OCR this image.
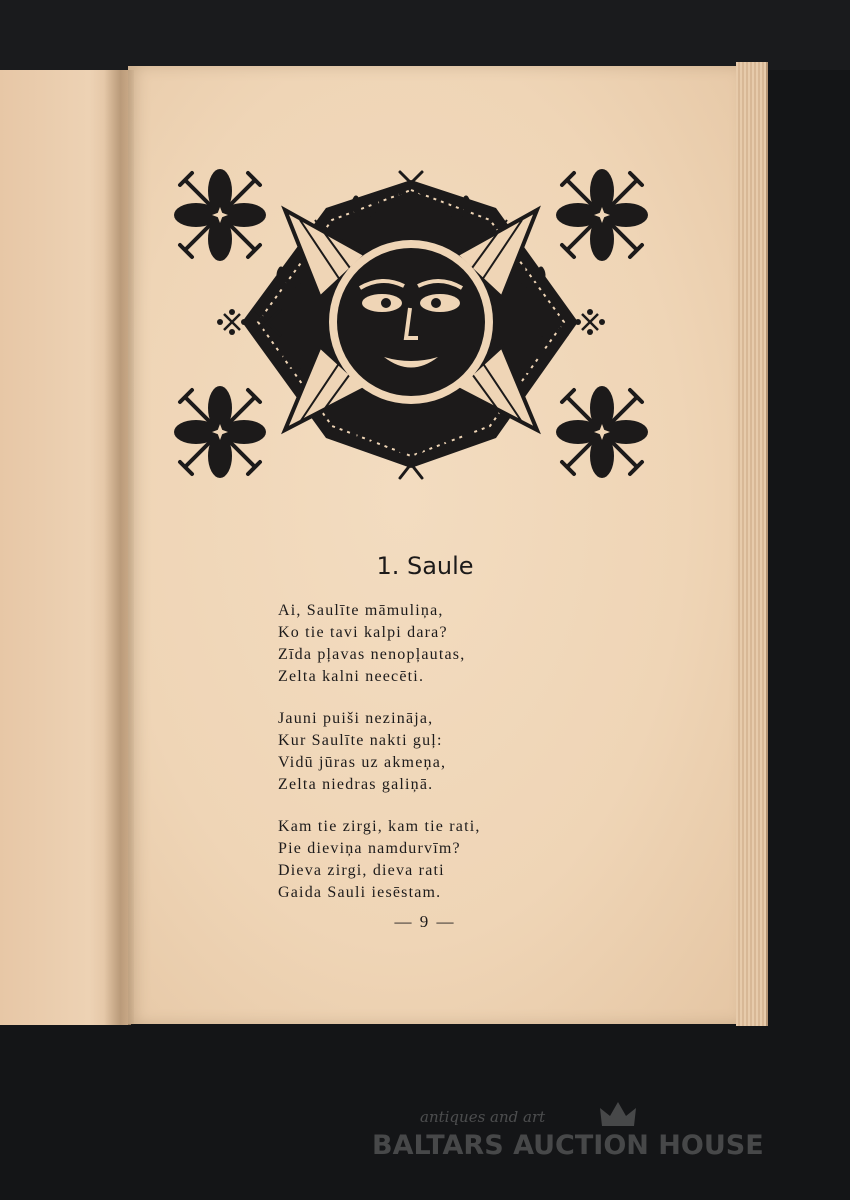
1. Saule
Ai, Saulīte māmuliņa,
Ko tie tavi kalpi dara?
Zīda pļavas nenopļautas,
Zelta kalni neecēti.
Jauni puiši nezināja,
Kur Saulīte nakti guļ:
Vidū jūras uz akmeņa,
Zelta niedras galiņā.
Kam tie zirgi, kam tie rati,
Pie dieviņa namdurvīm?
Dieva zirgi, dieva rati
Gaida Sauli iesēstam.
— 9 —
antiques and art
BALTARS AUCTION HOUSE
